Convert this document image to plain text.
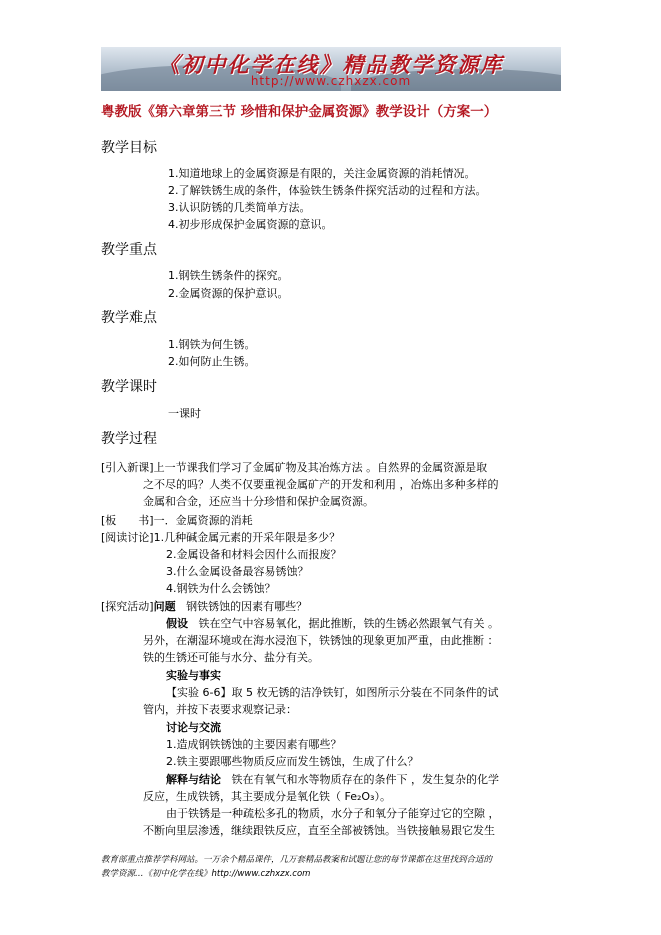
《初中化学在线》精品教学资源库
http://www.czhxzx.com
粤教版《第六章第三节 珍惜和保护金属资源》教学设计（方案一）
教学目标
1.知道地球上的金属资源是有限的，关注金属资源的消耗情况。
2.了解铁锈生成的条件，体验铁生锈条件探究活动的过程和方法。
3.认识防锈的几类简单方法。
4.初步形成保护金属资源的意识。
教学重点
1.钢铁生锈条件的探究。
2.金属资源的保护意识。
教学难点
1.钢铁为何生锈。
2.如何防止生锈。
教学课时
一课时
教学过程
[引入新课]上一节课我们学习了金属矿物及其冶炼方法 。自然界的金属资源是取
之不尽的吗？人类不仅要重视金属矿产的开发和利用 ，冶炼出多种多样的
金属和合金，还应当十分珍惜和保护金属资源。
[板　　书]一．金属资源的消耗
[阅读讨论]1.几种碱金属元素的开采年限是多少？
2.金属设备和材料会因什么而报废？
3.什么金属设备最容易锈蚀？
4.钢铁为什么会锈蚀？
[探究活动]问题 钢铁锈蚀的因素有哪些？
假设 铁在空气中容易氧化，据此推断，铁的生锈必然跟氧气有关 。
另外，在潮湿环境或在海水浸泡下，铁锈蚀的现象更加严重，由此推断 ：
铁的生锈还可能与水分、盐分有关。
实验与事实
【实验 6-6】取 5 枚无锈的洁净铁钉，如图所示分装在不同条件的试
管内，并按下表要求观察记录：
讨论与交流
1.造成钢铁锈蚀的主要因素有哪些？
2.铁主要跟哪些物质反应而发生锈蚀，生成了什么？
解释与结论 铁在有氧气和水等物质存在的条件下 ，发生复杂的化学
反应，生成铁锈，其主要成分是氧化铁（ Fe₂O₃）。
由于铁锈是一种疏松多孔的物质，水分子和氧分子能穿过它的空隙 ，
不断向里层渗透，继续跟铁反应，直至全部被锈蚀。当铁接触易跟它发生
教育部重点推荐学科网站。一万余个精品课件，几万套精品教案和试题让您的每节课都在这里找到合适的
教学资源…《初中化学在线》http://www.czhxzx.com
